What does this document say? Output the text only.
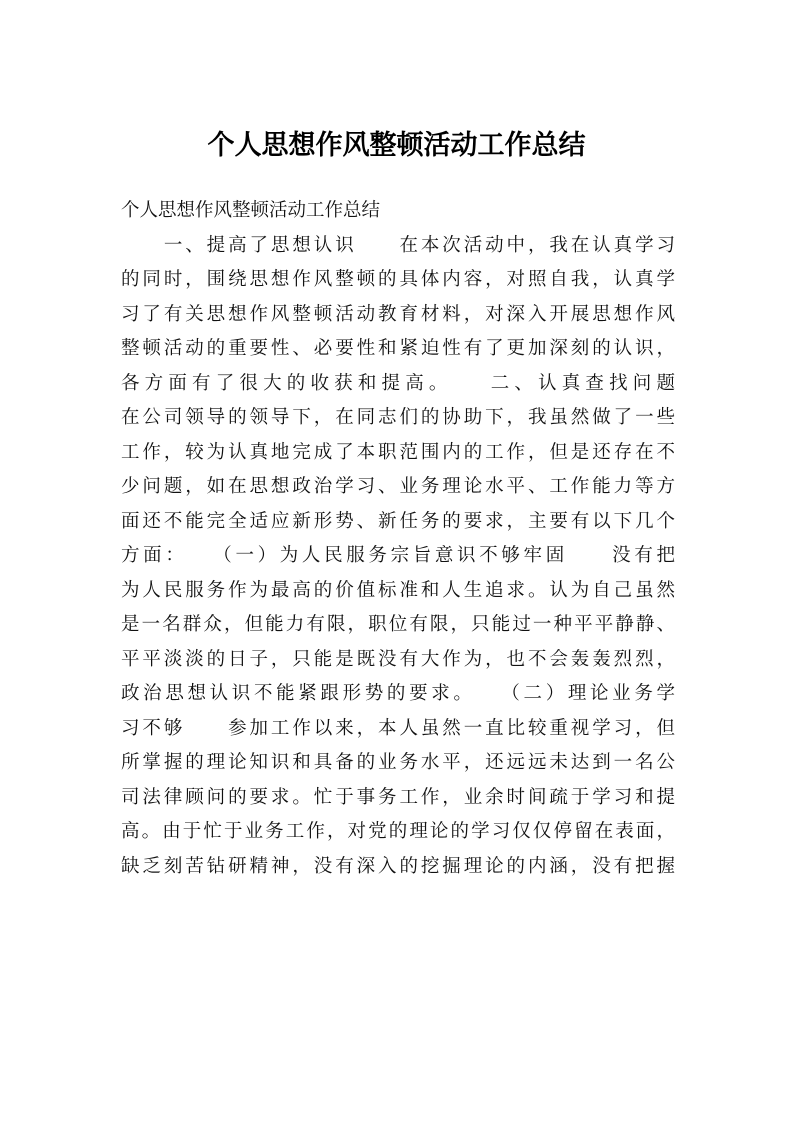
个人思想作风整顿活动工作总结
个人思想作风整顿活动工作总结
　　一、提高了思想认识　　在本次活动中，我在认真学习
的同时，围绕思想作风整顿的具体内容，对照自我，认真学
习了有关思想作风整顿活动教育材料，对深入开展思想作风
整顿活动的重要性、必要性和紧迫性有了更加深刻的认识，
各方面有了很大的收获和提高。　　二、认真查找问题
在公司领导的领导下，在同志们的协助下，我虽然做了一些
工作，较为认真地完成了本职范围内的工作，但是还存在不
少问题，如在思想政治学习、业务理论水平、工作能力等方
面还不能完全适应新形势、新任务的要求，主要有以下几个
方面：　　（一）为人民服务宗旨意识不够牢固　　没有把
为人民服务作为最高的价值标准和人生追求。认为自己虽然
是一名群众，但能力有限，职位有限，只能过一种平平静静、
平平淡淡的日子，只能是既没有大作为，也不会轰轰烈烈，
政治思想认识不能紧跟形势的要求。　　（二）理论业务学
习不够　　参加工作以来，本人虽然一直比较重视学习，但
所掌握的理论知识和具备的业务水平，还远远未达到一名公
司法律顾问的要求。忙于事务工作，业余时间疏于学习和提
高。由于忙于业务工作，对党的理论的学习仅仅停留在表面，
缺乏刻苦钻研精神，没有深入的挖掘理论的内涵，没有把握
